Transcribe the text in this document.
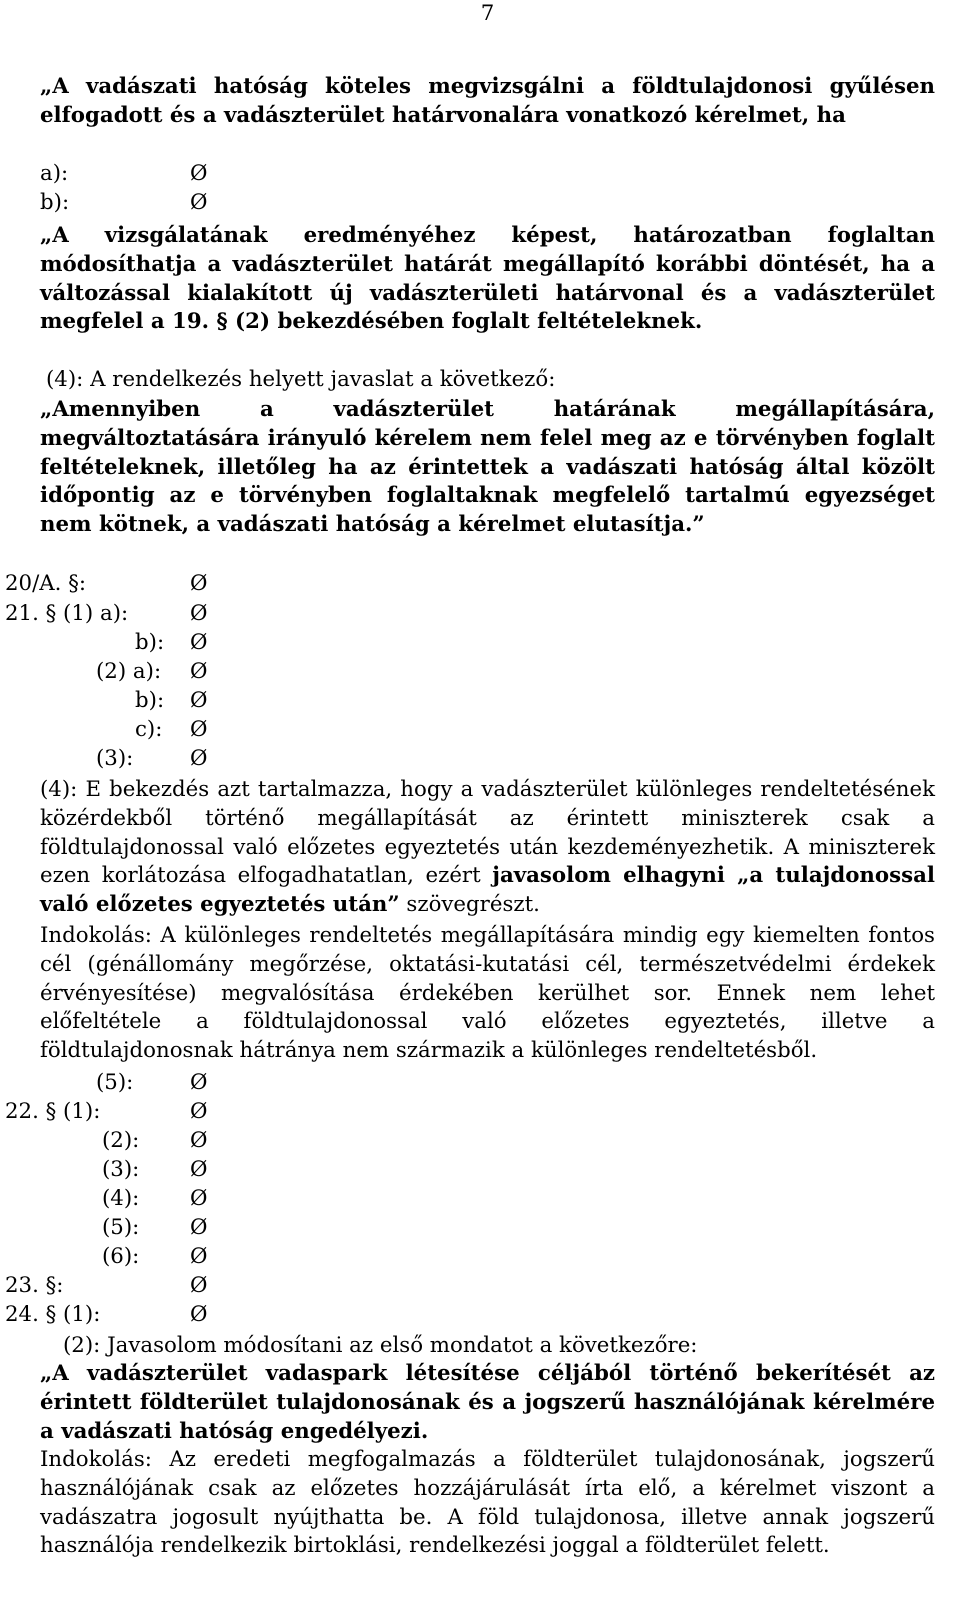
7
„A vadászati hatóság köteles megvizsgálni a földtulajdonosi gyűlésen elfogadott és a vadászterület határvonalára vonatkozó kérelmet, ha
a):	Ø
b):	Ø
„A vizsgálatának eredményéhez képest, határozatban foglaltan módosíthatja a vadászterület határát megállapító korábbi döntését, ha a változással kialakított új vadászterületi határvonal és a vadászterület megfelel a 19. § (2) bekezdésében foglalt feltételeknek.
(4): A rendelkezés helyett javaslat a következő:
„Amennyiben a vadászterület határának megállapítására, megváltoztatására irányuló kérelem nem felel meg az e törvényben foglalt feltételeknek, illetőleg ha az érintettek a vadászati hatóság által közölt időpontig az e törvényben foglaltaknak megfelelő tartalmú egyezséget nem kötnek, a vadászati hatóság a kérelmet elutasítja.”
20/A. §:	Ø
21. § (1) a):	Ø
b): Ø
(2) a): Ø
b): Ø
c): Ø
(3):	Ø
(4): E bekezdés azt tartalmazza, hogy a vadászterület különleges rendeltetésének közérdekből történő megállapítását az érintett miniszterek csak a földtulajdonossal való előzetes egyeztetés után kezdeményezhetik. A miniszterek ezen korlátozása elfogadhatatlan, ezért javasolom elhagyni „a tulajdonossal való előzetes egyeztetés után” szövegrészt.
Indokolás: A különleges rendeltetés megállapítására mindig egy kiemelten fontos cél (génállomány megőrzése, oktatási-kutatási cél, természetvédelmi érdekek érvényesítése) megvalósítása érdekében kerülhet sor. Ennek nem lehet előfeltétele a földtulajdonossal való előzetes egyeztetés, illetve a földtulajdonosnak hátránya nem származik a különleges rendeltetésből.
(5):	Ø
22. § (1):	Ø
(2): Ø
(3): Ø
(4): Ø
(5): Ø
(6): Ø
23. §:	Ø
24. § (1):	Ø
(2): Javasolom módosítani az első mondatot a következőre:
„A vadászterület vadaspark létesítése céljából történő bekerítését az érintett földterület tulajdonosának és a jogszerű használójának kérelmére a vadászati hatóság engedélyezi.
Indokolás: Az eredeti megfogalmazás a földterület tulajdonosának, jogszerű használójának csak az előzetes hozzájárulását írta elő, a kérelmet viszont a vadászatra jogosult nyújthatta be. A föld tulajdonosa, illetve annak jogszerű használója rendelkezik birtoklási, rendelkezési joggal a földterület felett.
